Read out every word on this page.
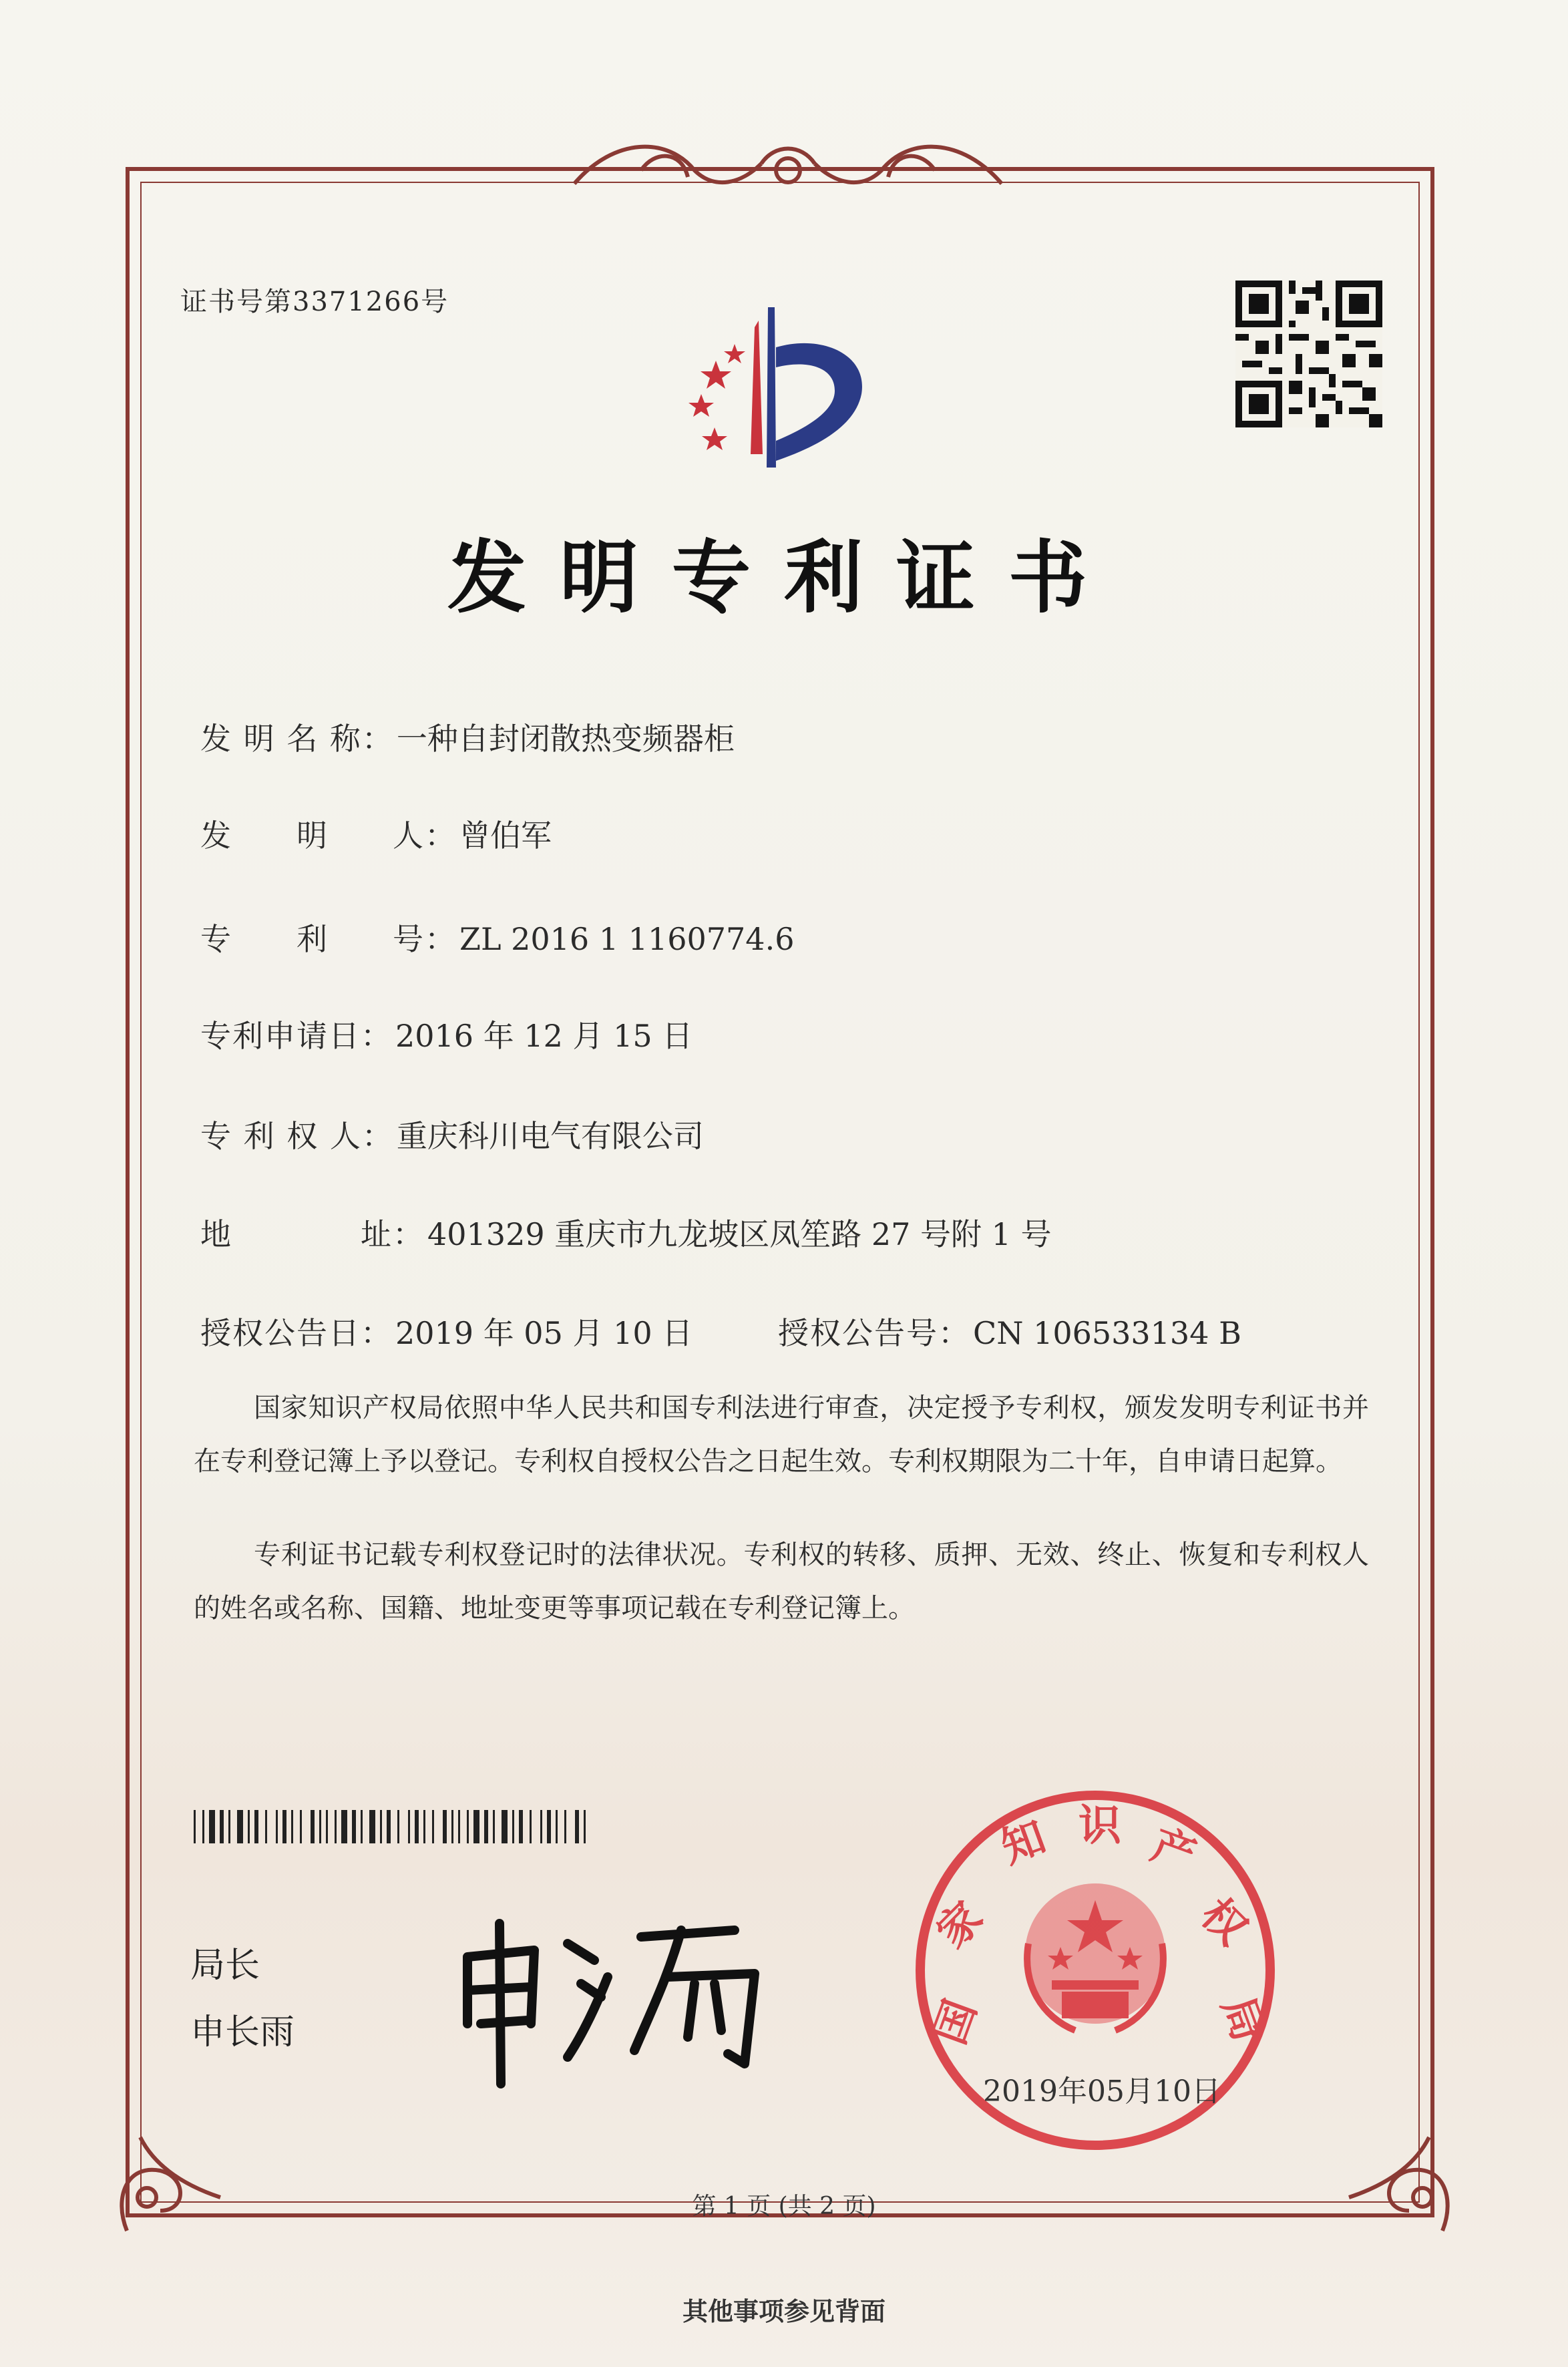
证书号第3371266号
发明专利证书
发 明 名 称：一种自封闭散热变频器柜
发　　明　　人：曾伯军
专　　利　　号：ZL 2016 1 1160774.6
专利申请日：2016 年 12 月 15 日
专 利 权 人：重庆科川电气有限公司
地　　　　址：401329 重庆市九龙坡区凤笙路 27 号附 1 号
授权公告日：2019 年 05 月 10 日	授权公告号：CN 106533134 B
国家知识产权局依照中华人民共和国专利法进行审查，决定授予专利权，颁发发明专利证书并在专利登记簿上予以登记。专利权自授权公告之日起生效。专利权期限为二十年，自申请日起算。
专利证书记载专利权登记时的法律状况。专利权的转移、质押、无效、终止、恢复和专利权人的姓名或名称、国籍、地址变更等事项记载在专利登记簿上。
局长
申长雨	国
家
知 识 产
权
局
2019年05月10日
第 1 页 (共 2 页)
其他事项参见背面
